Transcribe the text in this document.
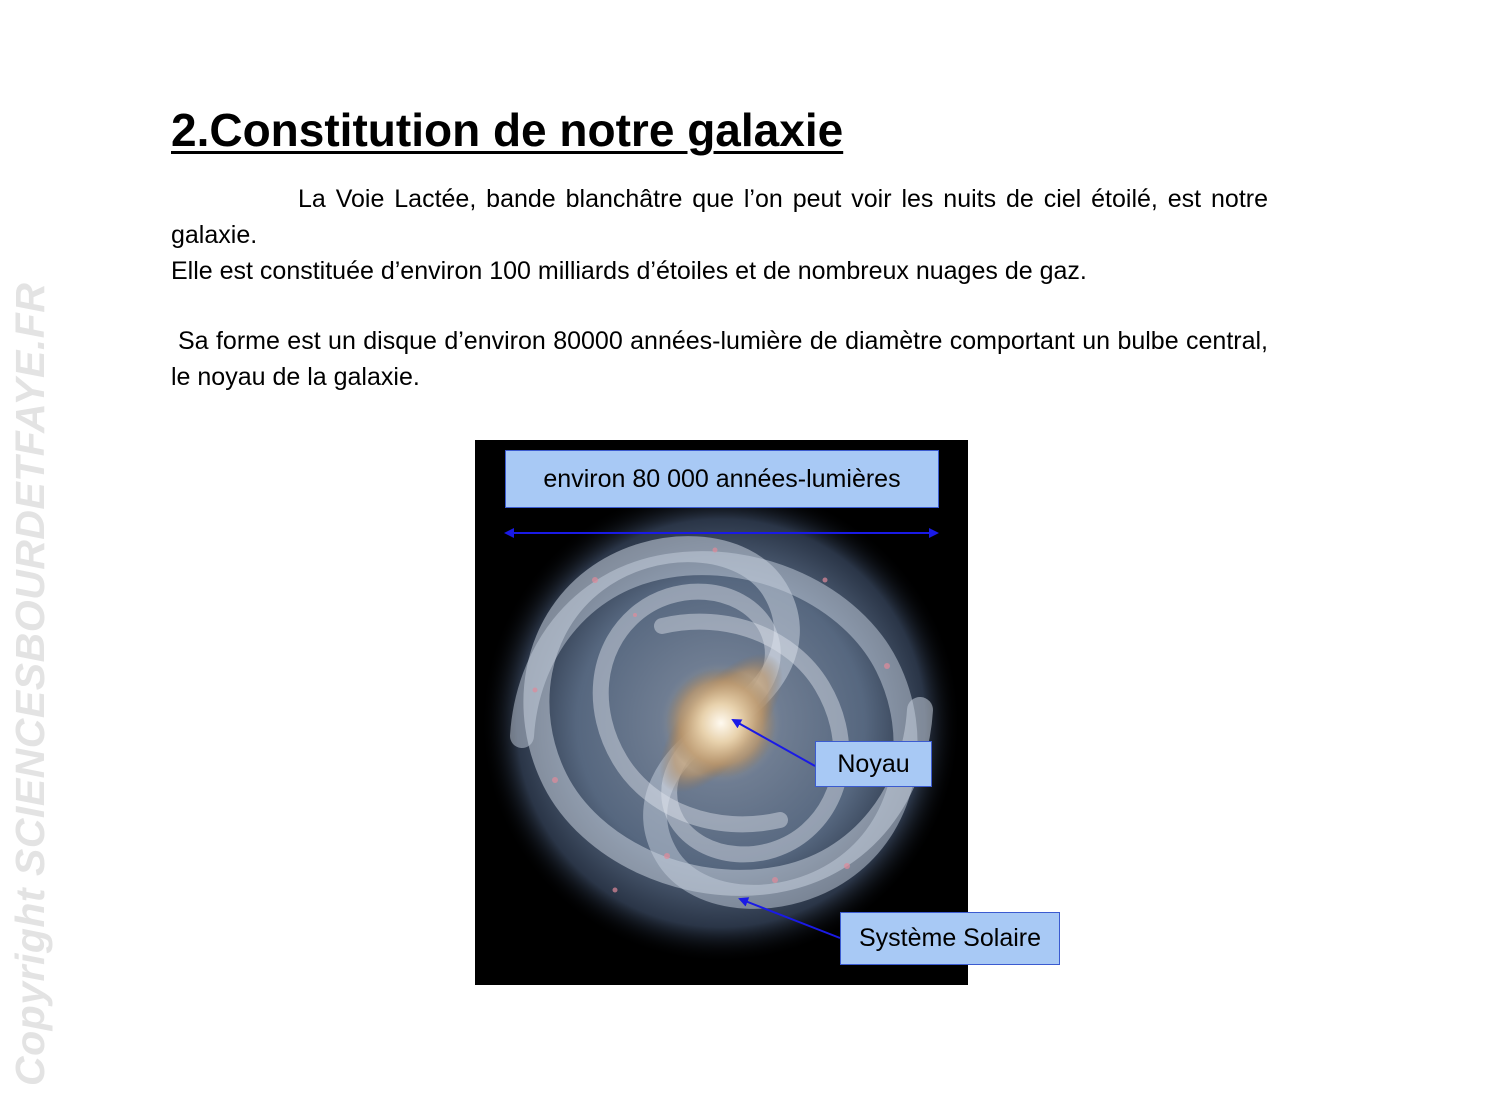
Copyright SCIENCESBOURDETFAYE.FR
2.Constitution de notre galaxie

La Voie Lactée, bande blanchâtre que l’on peut voir les nuits de ciel étoilé, est notre galaxie.

Elle est constituée d’environ 100 milliards d’étoiles et de nombreux nuages de gaz.

Sa forme est un disque d’environ 80000 années-lumière de diamètre comportant un bulbe central, le noyau de la galaxie.

environ 80 000 années-lumières
Noyau
Système Solaire
